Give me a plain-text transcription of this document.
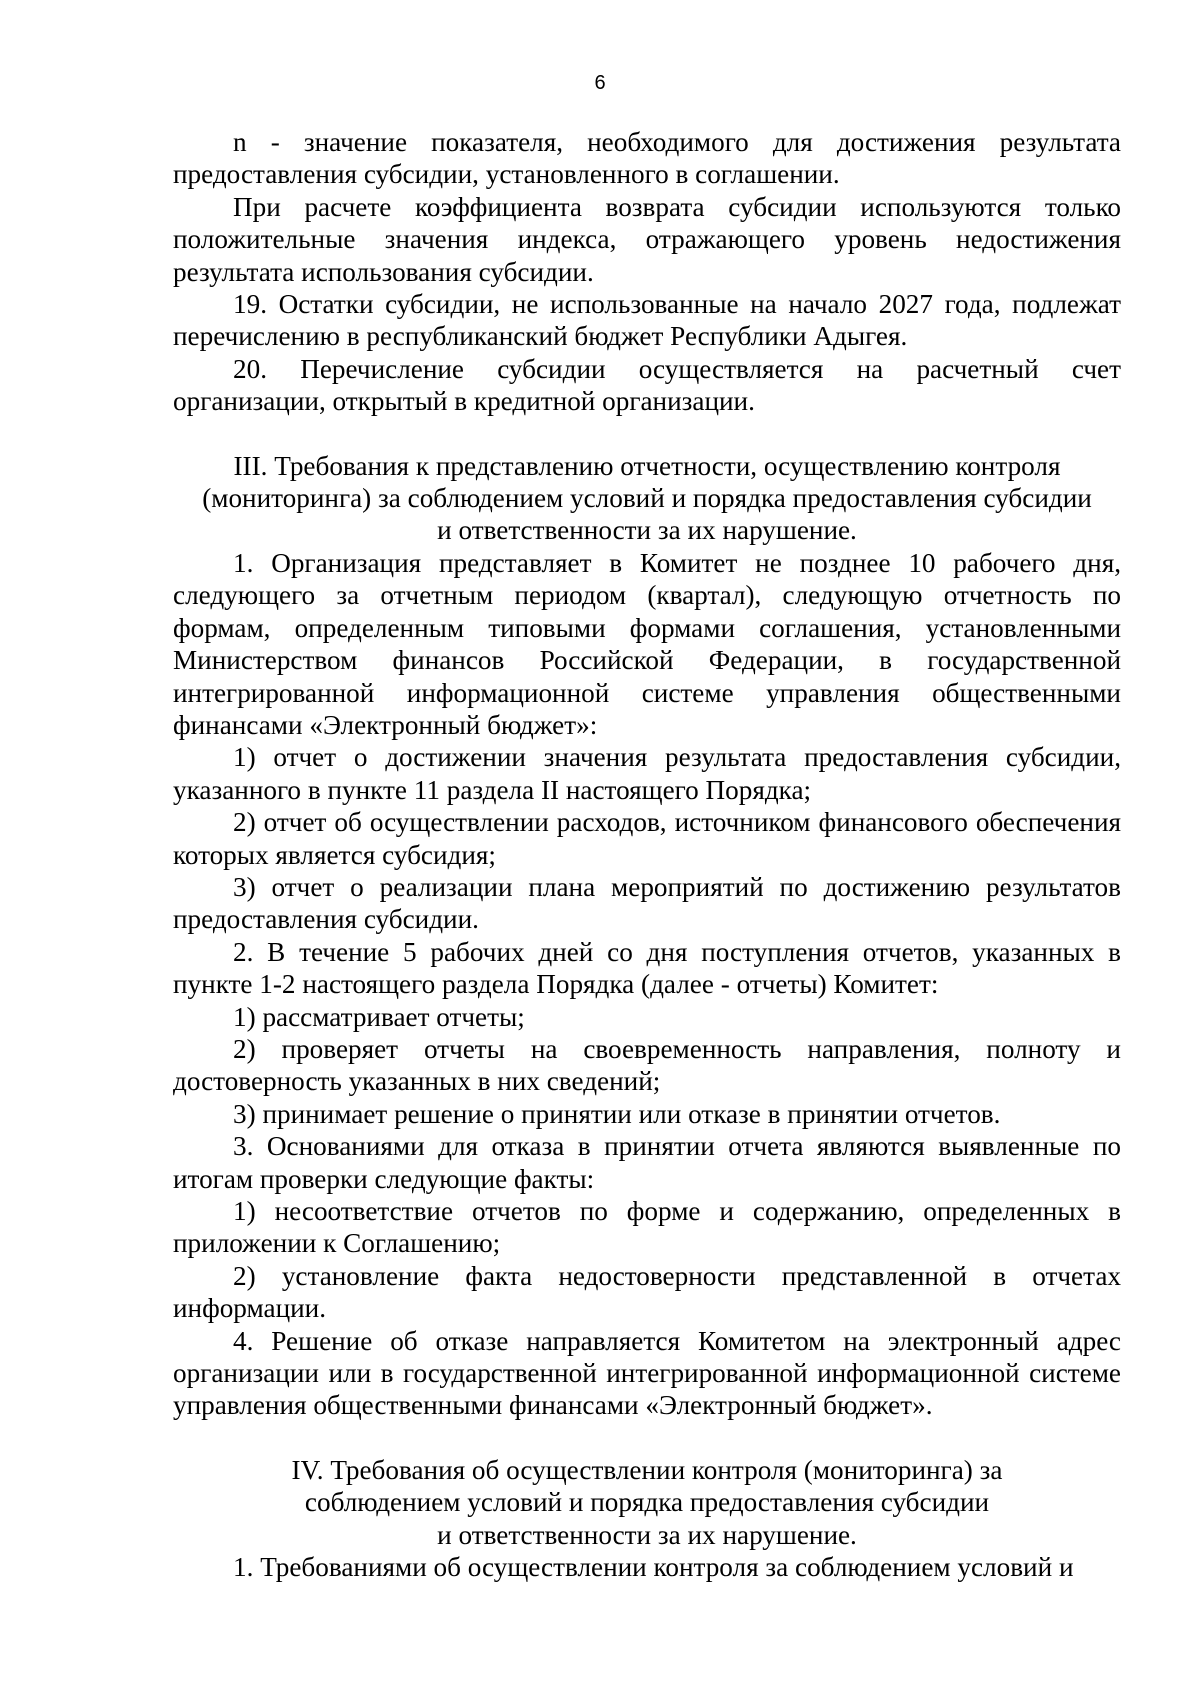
6

n - значение показателя, необходимого для достижения результата предоставления субсидии, установленного в соглашении.

При расчете коэффициента возврата субсидии используются только положительные значения индекса, отражающего уровень недостижения результата использования субсидии.

19. Остатки субсидии, не использованные на начало 2027 года, подлежат перечислению в республиканский бюджет Республики Адыгея.

20. Перечисление субсидии осуществляется на расчетный счет организации, открытый в кредитной организации.

III. Требования к представлению отчетности, осуществлению контроля
(мониторинга) за соблюдением условий и порядка предоставления субсидии
и ответственности за их нарушение.

1. Организация представляет в Комитет не позднее 10 рабочего дня, следующего за отчетным периодом (квартал), следующую отчетность по формам, определенным типовыми формами соглашения, установленными Министерством финансов Российской Федерации, в государственной интегрированной информационной системе управления общественными финансами «Электронный бюджет»:

1) отчет о достижении значения результата предоставления субсидии, указанного в пункте 11 раздела II настоящего Порядка;

2) отчет об осуществлении расходов, источником финансового обеспечения которых является субсидия;

3) отчет о реализации плана мероприятий по достижению результатов предоставления субсидии.

2. В течение 5 рабочих дней со дня поступления отчетов, указанных в пункте 1-2 настоящего раздела Порядка (далее - отчеты) Комитет:

1) рассматривает отчеты;

2) проверяет отчеты на своевременность направления, полноту и достоверность указанных в них сведений;

3) принимает решение о принятии или отказе в принятии отчетов.

3. Основаниями для отказа в принятии отчета являются выявленные по итогам проверки следующие факты:

1) несоответствие отчетов по форме и содержанию, определенных в приложении к Соглашению;

2) установление факта недостоверности представленной в отчетах информации.

4. Решение об отказе направляется Комитетом на электронный адрес организации или в государственной интегрированной информационной системе управления общественными финансами «Электронный бюджет».

IV. Требования об осуществлении контроля (мониторинга) за
соблюдением условий и порядка предоставления субсидии
и ответственности за их нарушение.

1. Требованиями об осуществлении контроля за соблюдением условий и
